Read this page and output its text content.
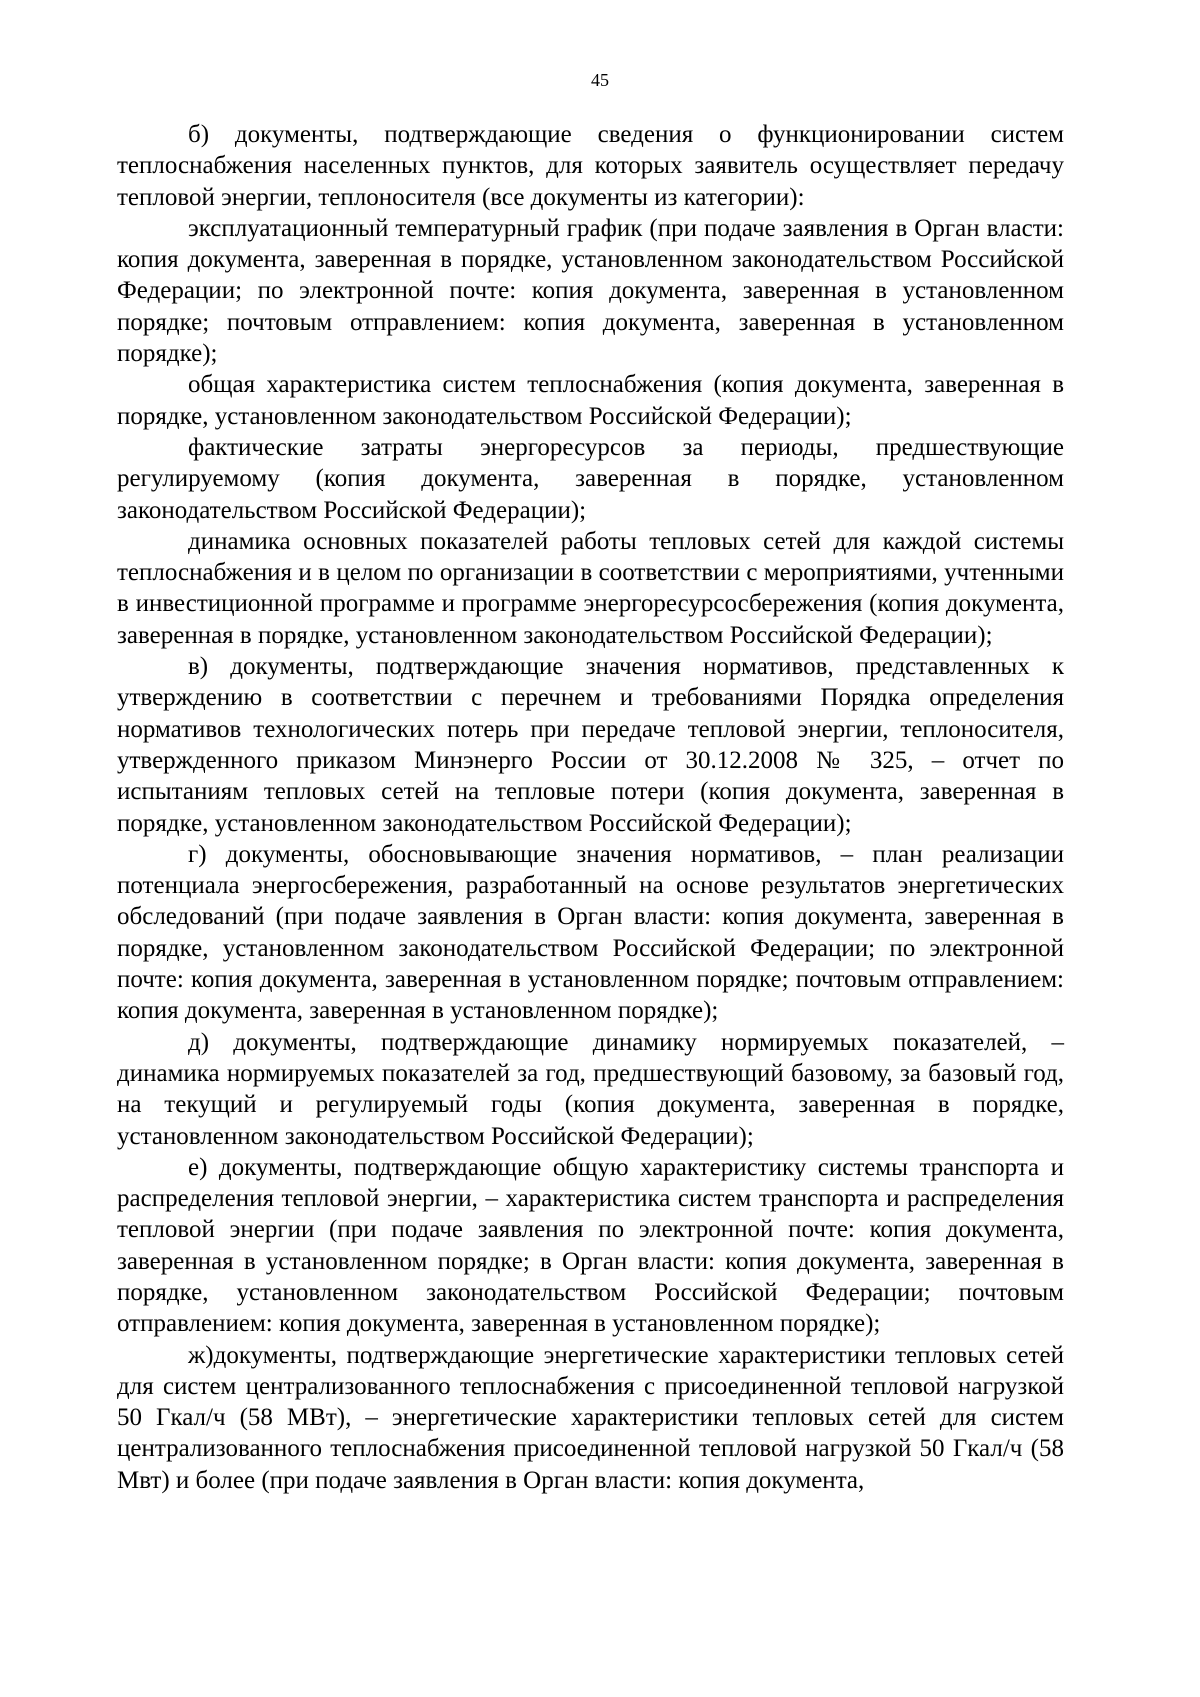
45

б) документы, подтверждающие сведения о функционировании систем теплоснабжения населенных пунктов, для которых заявитель осуществляет передачу тепловой энергии, теплоносителя (все документы из категории):

эксплуатационный температурный график (при подаче заявления в Орган власти: копия документа, заверенная в порядке, установленном законодательством Российской Федерации; по электронной почте: копия документа, заверенная в установленном порядке; почтовым отправлением: копия документа, заверенная в установленном порядке);

общая характеристика систем теплоснабжения (копия документа, заверенная в порядке, установленном законодательством Российской Федерации);

фактические затраты энергоресурсов за периоды, предшествующие регулируемому (копия документа, заверенная в порядке, установленном законодательством Российской Федерации);

динамика основных показателей работы тепловых сетей для каждой системы теплоснабжения и в целом по организации в соответствии с мероприятиями, учтенными в инвестиционной программе и программе энергоресурсосбережения (копия документа, заверенная в порядке, установленном законодательством Российской Федерации);

в) документы, подтверждающие значения нормативов, представленных к утверждению в соответствии с перечнем и требованиями Порядка определения нормативов технологических потерь при передаче тепловой энергии, теплоносителя, утвержденного приказом Минэнерго России от 30.12.2008 № 325, – отчет по испытаниям тепловых сетей на тепловые потери (копия документа, заверенная в порядке, установленном законодательством Российской Федерации);

г) документы, обосновывающие значения нормативов, – план реализации потенциала энергосбережения, разработанный на основе результатов энергетических обследований (при подаче заявления в Орган власти: копия документа, заверенная в порядке, установленном законодательством Российской Федерации; по электронной почте: копия документа, заверенная в установленном порядке; почтовым отправлением: копия документа, заверенная в установленном порядке);

д) документы, подтверждающие динамику нормируемых показателей, – динамика нормируемых показателей за год, предшествующий базовому, за базовый год, на текущий и регулируемый годы (копия документа, заверенная в порядке, установленном законодательством Российской Федерации);

е) документы, подтверждающие общую характеристику системы транспорта и распределения тепловой энергии, – характеристика систем транспорта и распределения тепловой энергии (при подаче заявления по электронной почте: копия документа, заверенная в установленном порядке; в Орган власти: копия документа, заверенная в порядке, установленном законодательством Российской Федерации; почтовым отправлением: копия документа, заверенная в установленном порядке);

ж)документы, подтверждающие энергетические характеристики тепловых сетей для систем централизованного теплоснабжения с присоединенной тепловой нагрузкой 50 Гкал/ч (58 МВт), – энергетические характеристики тепловых сетей для систем централизованного теплоснабжения присоединенной тепловой нагрузкой 50 Гкал/ч (58 Мвт) и более (при подаче заявления в Орган власти: копия документа,
